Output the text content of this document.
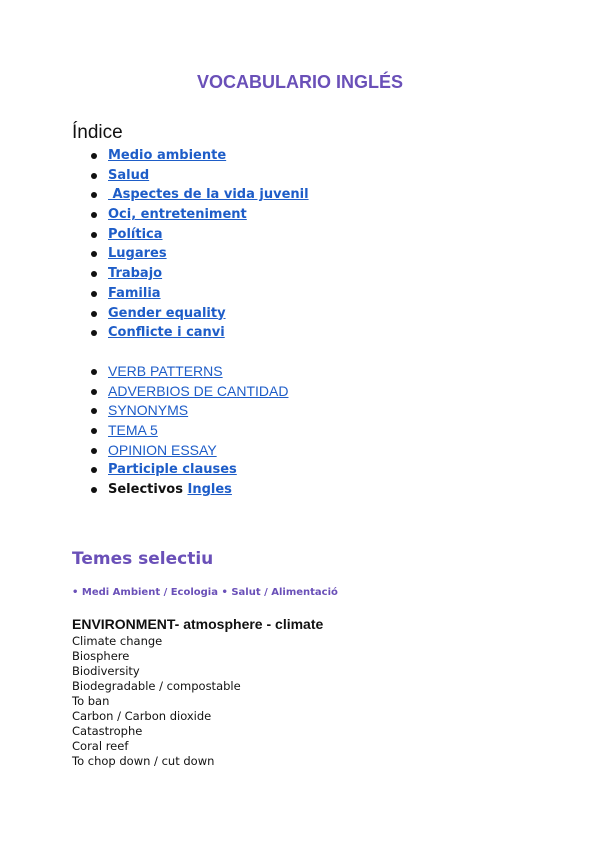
VOCABULARIO INGLÉS
Índice
Medio ambiente
Salud
Aspectes de la vida juvenil
Oci, entreteniment
Política
Lugares
Trabajo
Familia
Gender equality
Conflicte i canvi
VERB PATTERNS
ADVERBIOS DE CANTIDAD
SYNONYMS
TEMA 5
OPINION ESSAY
Participle clauses
Selectivos Ingles
Temes selectiu
• Medi Ambient / Ecologia • Salut / Alimentació
ENVIRONMENT- atmosphere - climate
Climate change
Biosphere
Biodiversity
Biodegradable / compostable
To ban
Carbon / Carbon dioxide
Catastrophe
Coral reef
To chop down / cut down
